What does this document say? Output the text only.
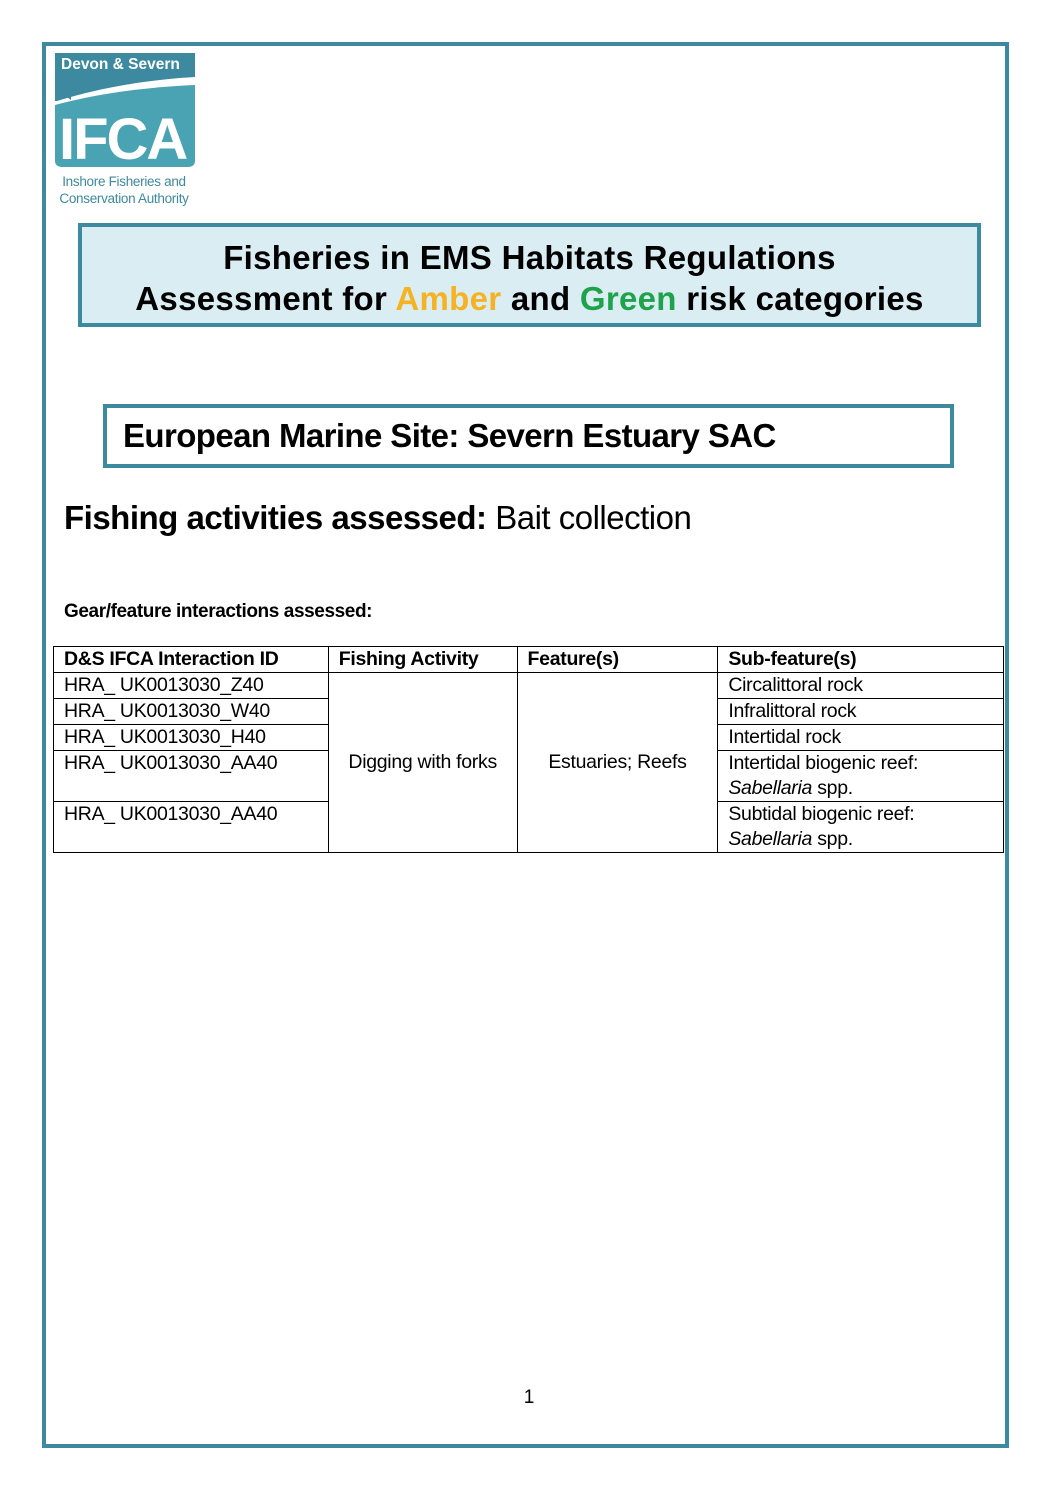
Devon & Severn
IFCA
Inshore Fisheries and
Conservation Authority
Fisheries in EMS Habitats Regulations
Assessment for Amber and Green risk categories
European Marine Site: Severn Estuary SAC
Fishing activities assessed: Bait collection
Gear/feature interactions assessed:
D&S IFCA Interaction ID	Fishing Activity	Feature(s)	Sub-feature(s)
HRA_ UK0013030_Z40	Digging with forks	Estuaries; Reefs	Circalittoral rock
HRA_ UK0013030_W40			Infralittoral rock
HRA_ UK0013030_H40			Intertidal rock
HRA_ UK0013030_AA40			Intertidal biogenic reef:
Sabellaria spp.
HRA_ UK0013030_AA40			Subtidal biogenic reef:
Sabellaria spp.
1
